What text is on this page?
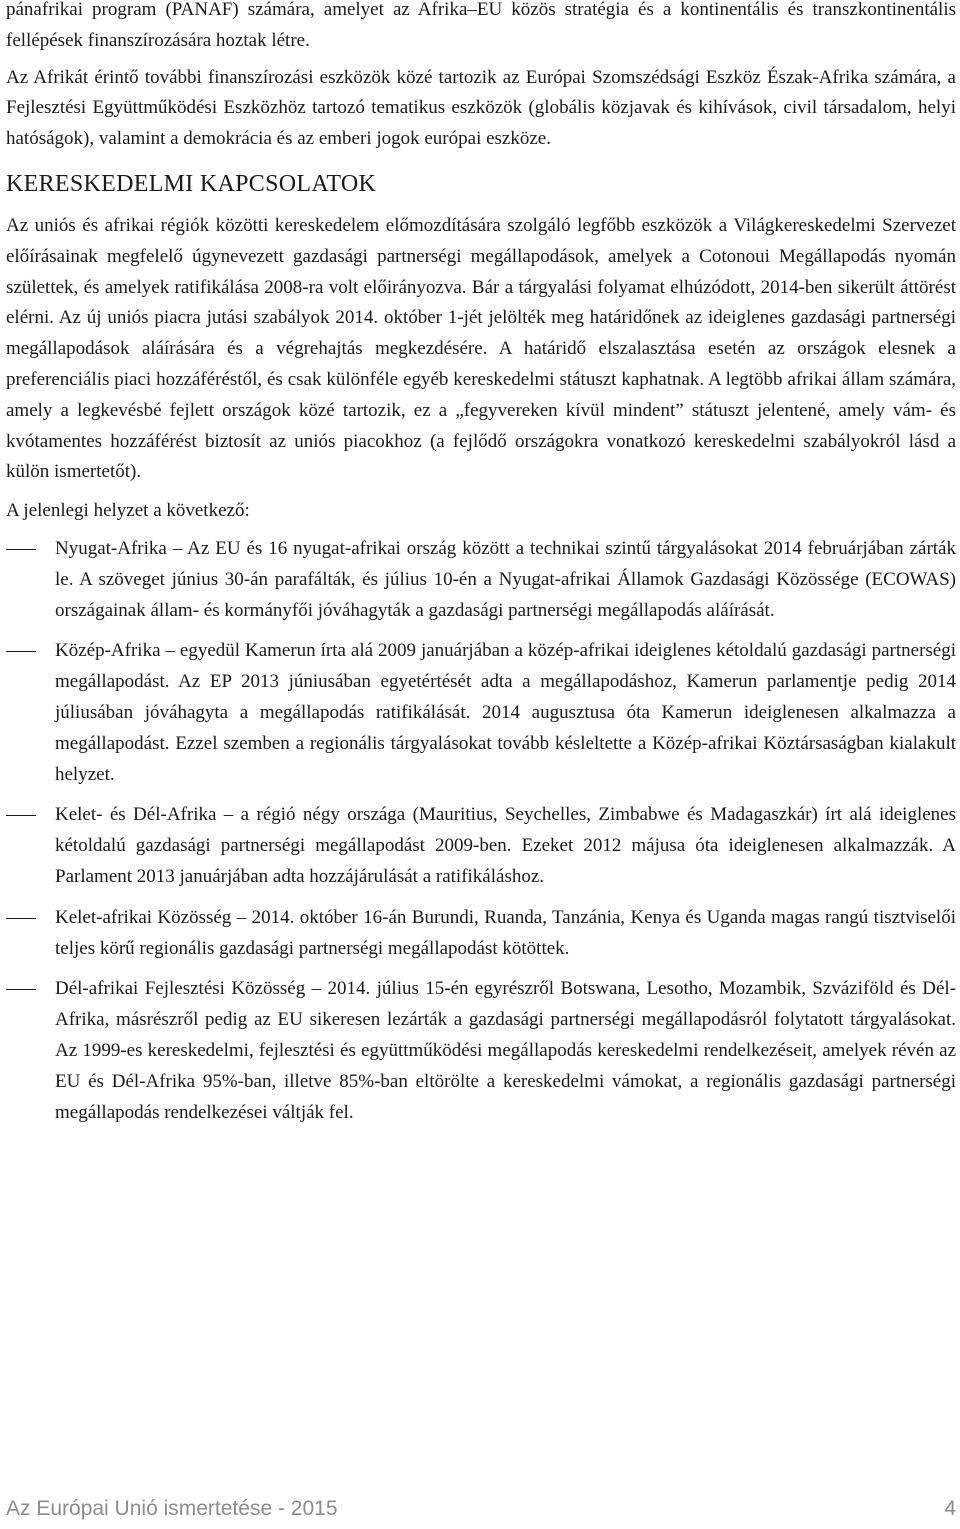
pánafrikai program (PANAF) számára, amelyet az Afrika–EU közös stratégia és a kontinentális és transzkontinentális fellépések finanszírozására hoztak létre.

Az Afrikát érintő további finanszírozási eszközök közé tartozik az Európai Szomszédsági Eszköz Észak-Afrika számára, a Fejlesztési Együttműködési Eszközhöz tartozó tematikus eszközök (globális közjavak és kihívások, civil társadalom, helyi hatóságok), valamint a demokrácia és az emberi jogok európai eszköze.

KERESKEDELMI KAPCSOLATOK

Az uniós és afrikai régiók közötti kereskedelem előmozdítására szolgáló legfőbb eszközök a Világkereskedelmi Szervezet előírásainak megfelelő úgynevezett gazdasági partnerségi megállapodások, amelyek a Cotonoui Megállapodás nyomán születtek, és amelyek ratifikálása 2008-ra volt előirányozva. Bár a tárgyalási folyamat elhúzódott, 2014-ben sikerült áttörést elérni. Az új uniós piacra jutási szabályok 2014. október 1-jét jelölték meg határidőnek az ideiglenes gazdasági partnerségi megállapodások aláírására és a végrehajtás megkezdésére. A határidő elszalasztása esetén az országok elesnek a preferenciális piaci hozzáféréstől, és csak különféle egyéb kereskedelmi státuszt kaphatnak. A legtöbb afrikai állam számára, amely a legkevésbé fejlett országok közé tartozik, ez a „fegyvereken kívül mindent” státuszt jelentené, amely vám- és kvótamentes hozzáférést biztosít az uniós piacokhoz (a fejlődő országokra vonatkozó kereskedelmi szabályokról lásd a külön ismertetőt).

A jelenlegi helyzet a következő:

Nyugat-Afrika – Az EU és 16 nyugat-afrikai ország között a technikai szintű tárgyalásokat 2014 februárjában zárták le. A szöveget június 30-án parafálták, és július 10-én a Nyugat-afrikai Államok Gazdasági Közössége (ECOWAS) országainak állam- és kormányfői jóváhagyták a gazdasági partnerségi megállapodás aláírását.
Közép-Afrika – egyedül Kamerun írta alá 2009 januárjában a közép-afrikai ideiglenes kétoldalú gazdasági partnerségi megállapodást. Az EP 2013 júniusában egyetértését adta a megállapodáshoz, Kamerun parlamentje pedig 2014 júliusában jóváhagyta a megállapodás ratifikálását. 2014 augusztusa óta Kamerun ideiglenesen alkalmazza a megállapodást. Ezzel szemben a regionális tárgyalásokat tovább késleltette a Közép-afrikai Köztársaságban kialakult helyzet.
Kelet- és Dél-Afrika – a régió négy országa (Mauritius, Seychelles, Zimbabwe és Madagaszkár) írt alá ideiglenes kétoldalú gazdasági partnerségi megállapodást 2009-ben. Ezeket 2012 májusa óta ideiglenesen alkalmazzák. A Parlament 2013 januárjában adta hozzájárulását a ratifikáláshoz.
Kelet-afrikai Közösség – 2014. október 16-án Burundi, Ruanda, Tanzánia, Kenya és Uganda magas rangú tisztviselői teljes körű regionális gazdasági partnerségi megállapodást kötöttek.
Dél-afrikai Fejlesztési Közösség – 2014. július 15-én egyrészről Botswana, Lesotho, Mozambik, Szváziföld és Dél-Afrika, másrészről pedig az EU sikeresen lezárták a gazdasági partnerségi megállapodásról folytatott tárgyalásokat. Az 1999-es kereskedelmi, fejlesztési és együttműködési megállapodás kereskedelmi rendelkezéseit, amelyek révén az EU és Dél-Afrika 95%-ban, illetve 85%-ban eltörölte a kereskedelmi vámokat, a regionális gazdasági partnerségi megállapodás rendelkezései váltják fel.
Az Európai Unió ismertetése - 2015	4
